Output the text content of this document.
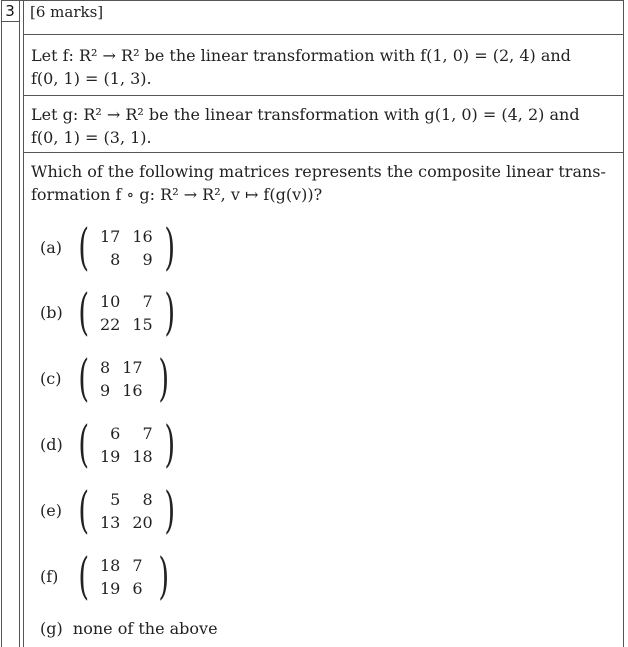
3 [6 marks]
Let f: R² → R² be the linear transformation with f(1, 0) = (2, 4) and
f(0, 1) = (1, 3).
Let g: R² → R² be the linear transformation with g(1, 0) = (4, 2) and
f(0, 1) = (3, 1).
Which of the following matrices represents the composite linear trans-
formation f ∘ g: R² → R², v ↦ f(g(v))?
(a) ( 17	16
8	9 )
(b) ( 10	7
22	15 )
(c) ( 8	17
9	16 )
(d) ( 6	7
19	18 )
(e) ( 5	8
13	20 )
(f) ( 18	7
19	6 )
(g) none of the above
